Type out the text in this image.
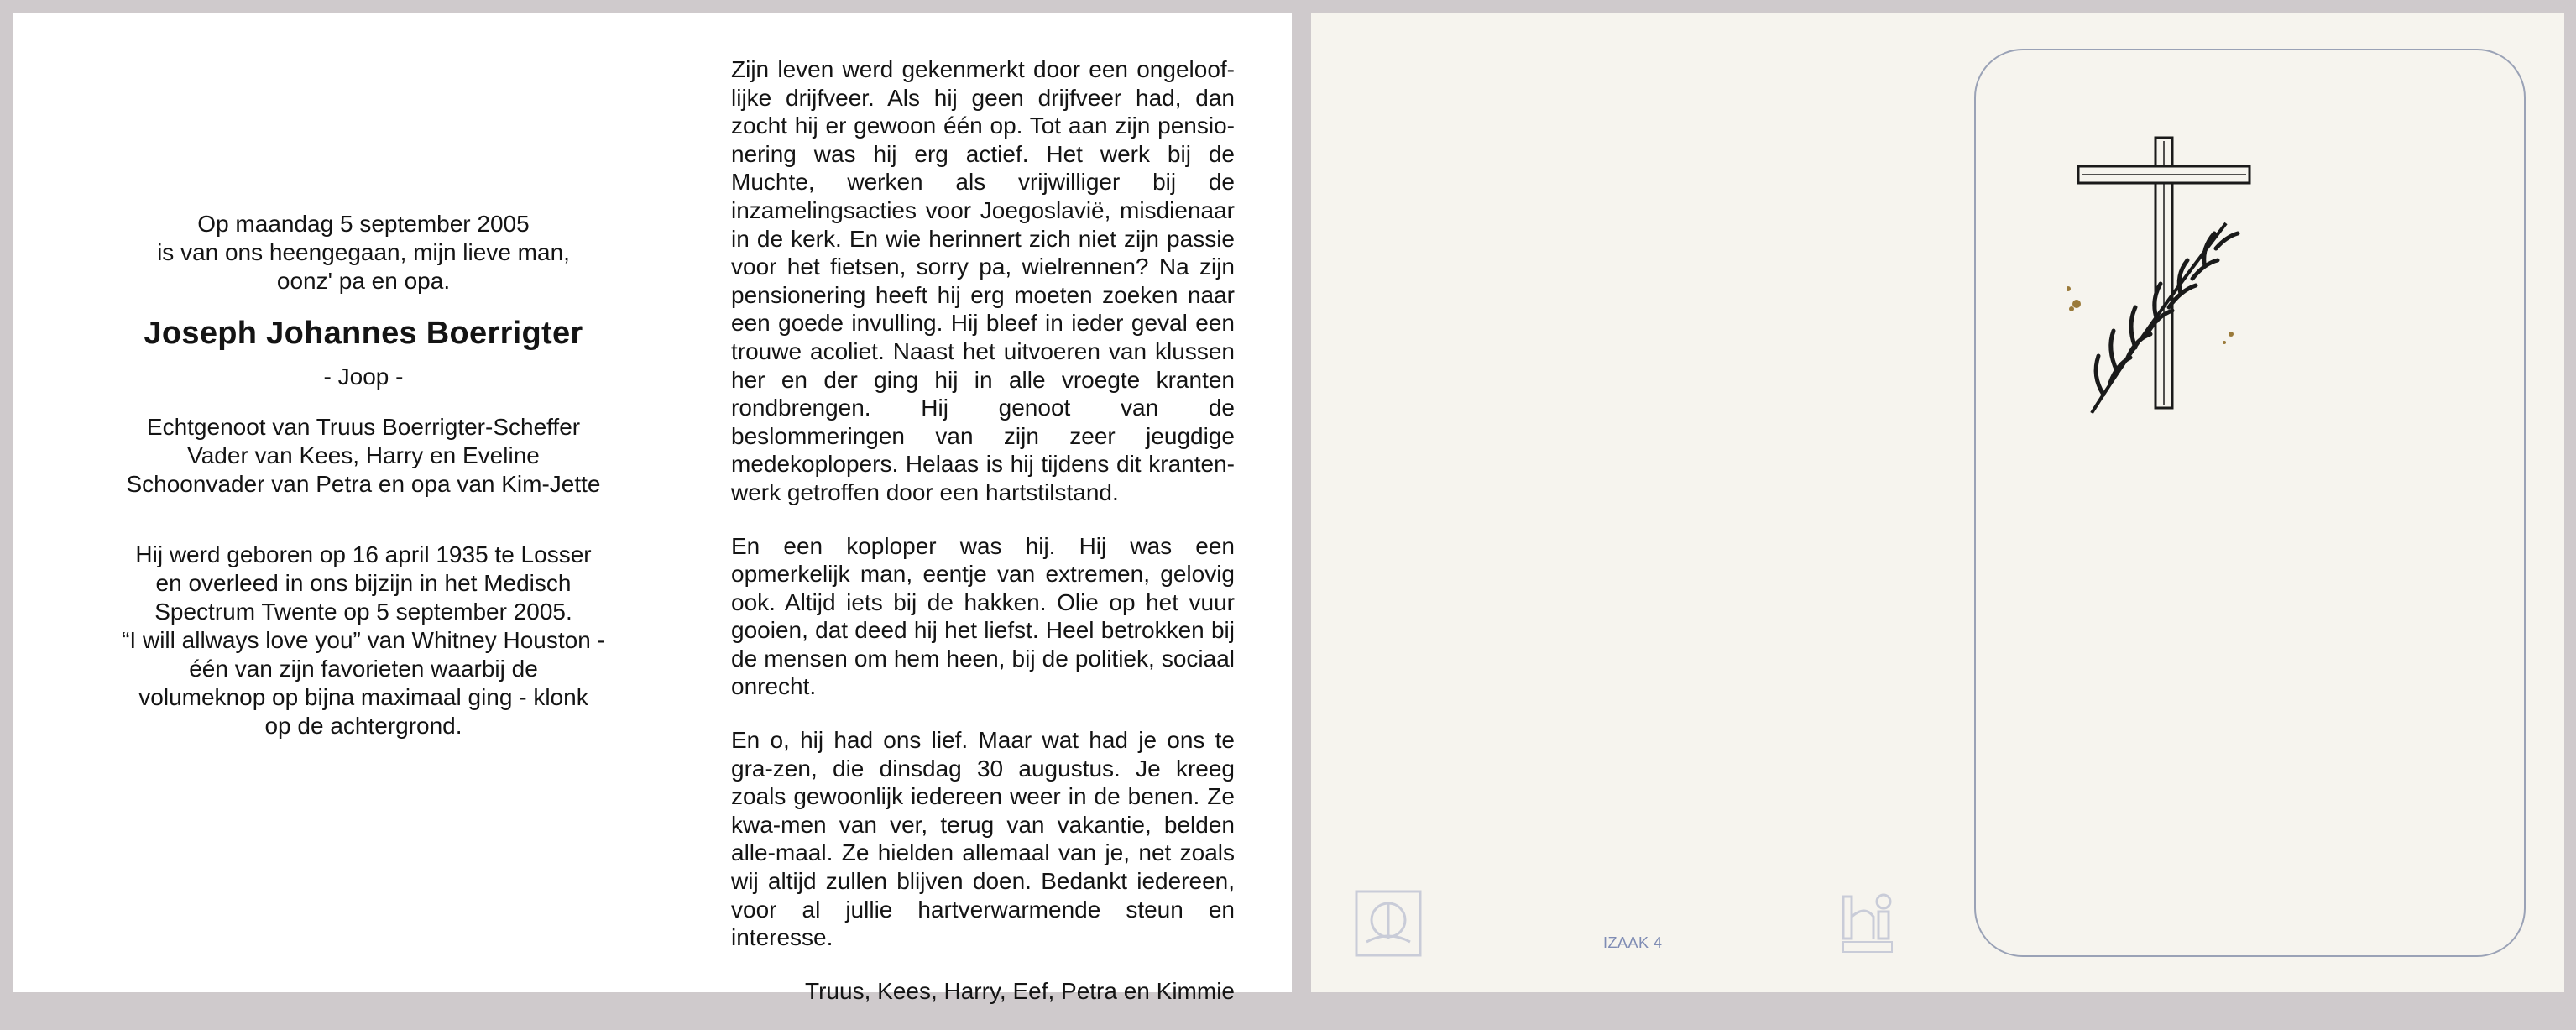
Op maandag 5 september 2005
is van ons heengegaan, mijn lieve man,
oonz' pa en opa.

Joseph Johannes Boerrigter

- Joop -

Echtgenoot van Truus Boerrigter-Scheffer
Vader van Kees, Harry en Eveline
Schoonvader van Petra en opa van Kim-Jette

Hij werd geboren op 16 april 1935 te Losser
en overleed in ons bijzijn in het Medisch
Spectrum Twente op 5 september 2005.
“I will allways love you” van Whitney Houston -
één van zijn favorieten waarbij de
volumeknop op bijna maximaal ging - klonk
op de achtergrond.

Zijn leven werd gekenmerkt door een ongeloof-lijke drijfveer. Als hij geen drijfveer had, dan zocht hij er gewoon één op. Tot aan zijn pensio-nering was hij erg actief. Het werk bij de Muchte, werken als vrijwilliger bij de inzamelingsacties voor Joegoslavië, misdienaar in de kerk. En wie herinnert zich niet zijn passie voor het fietsen, sorry pa, wielrennen? Na zijn pensionering heeft hij erg moeten zoeken naar een goede invulling. Hij bleef in ieder geval een trouwe acoliet. Naast het uitvoeren van klussen her en der ging hij in alle vroegte kranten rondbrengen. Hij genoot van de beslommeringen van zijn zeer jeugdige medekoplopers. Helaas is hij tijdens dit kranten-werk getroffen door een hartstilstand.

En een koploper was hij. Hij was een opmerkelijk man, eentje van extremen, gelovig ook. Altijd iets bij de hakken. Olie op het vuur gooien, dat deed hij het liefst. Heel betrokken bij de mensen om hem heen, bij de politiek, sociaal onrecht.

En o, hij had ons lief. Maar wat had je ons te gra-zen, die dinsdag 30 augustus. Je kreeg zoals gewoonlijk iedereen weer in de benen. Ze kwa-men van ver, terug van vakantie, belden alle-maal. Ze hielden allemaal van je, net zoals wij altijd zullen blijven doen. Bedankt iedereen, voor al jullie hartverwarmende steun en interesse.

Truus, Kees, Harry, Eef, Petra en Kimmie

IZAAK 4
